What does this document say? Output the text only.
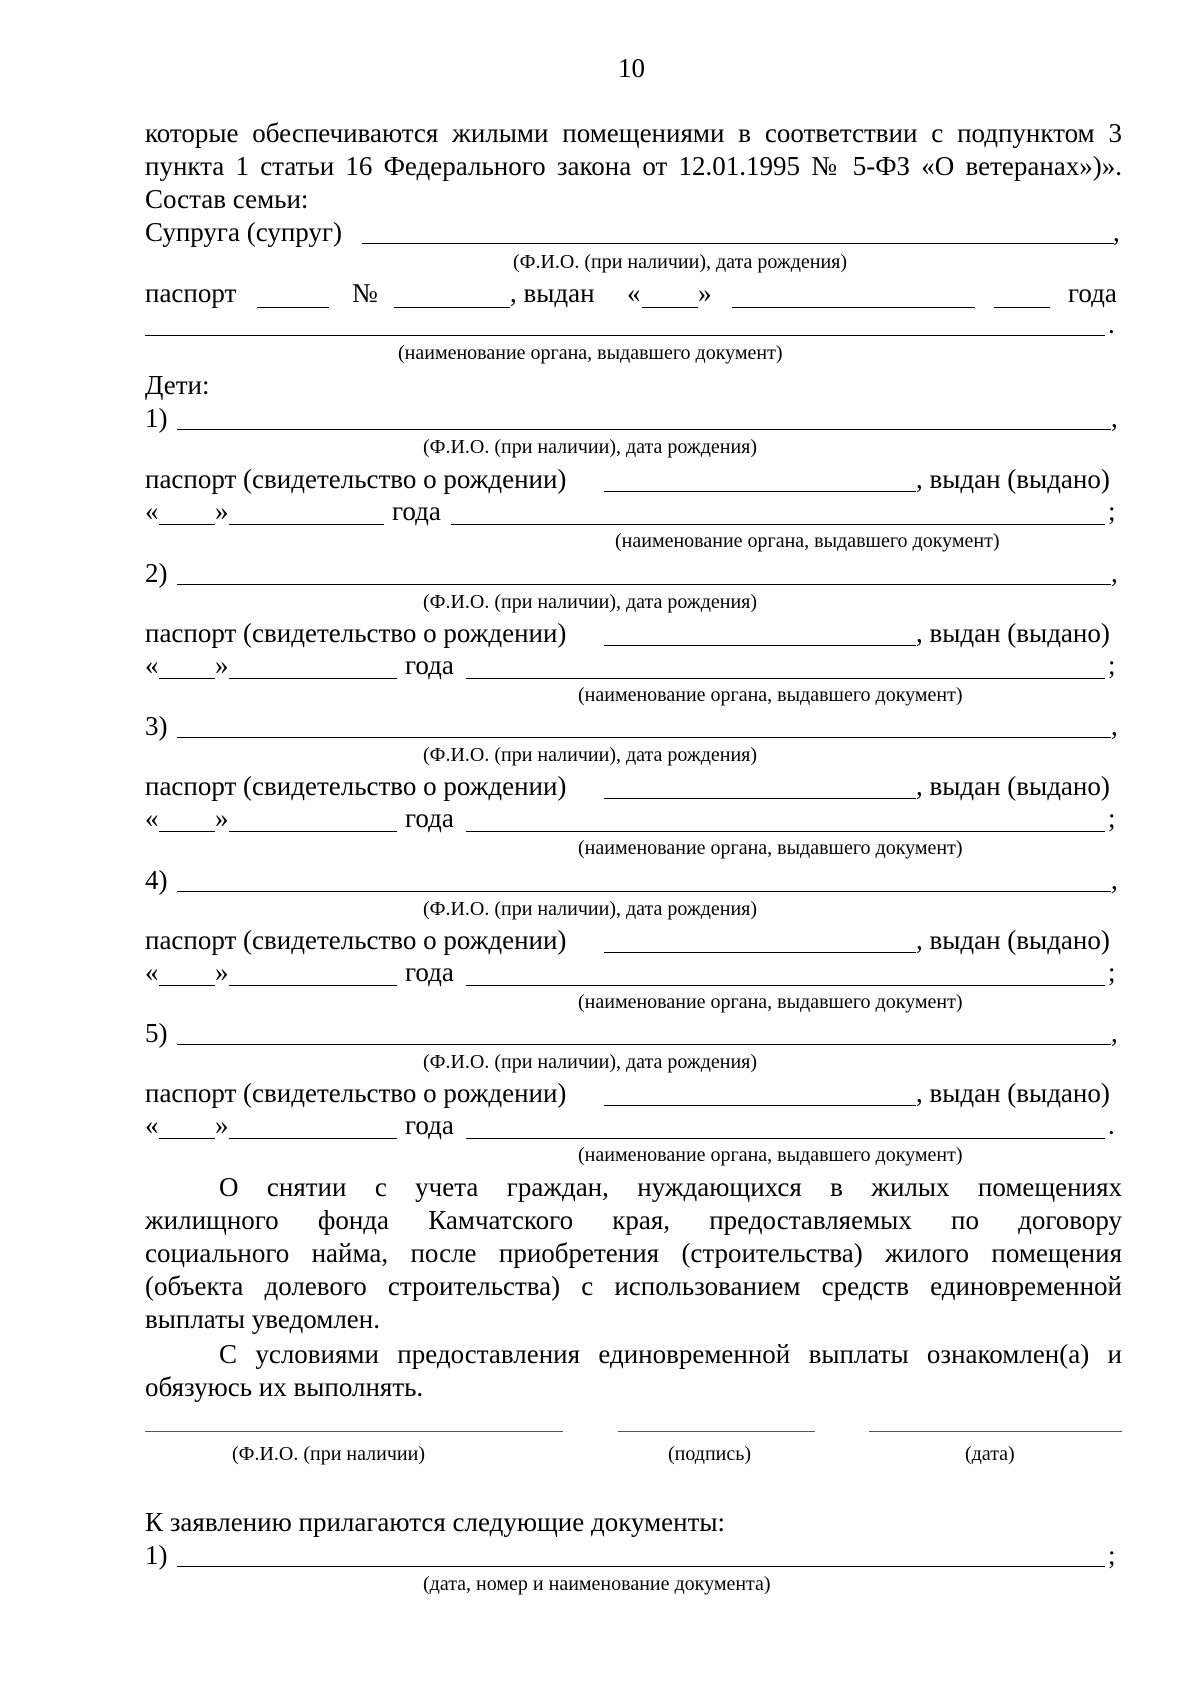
10
которые обеспечиваются жилыми помещениями в соответствии с подпунктом 3
пункта 1 статьи 16 Федерального закона от 12.01.1995 № 5-ФЗ «О ветеранах»)».
Состав семьи:
Супруга (супруг)	,
(Ф.И.О. (при наличии), дата рождения)
паспорт	№	, выдан « »	года
.
(наименование органа, выдавшего документ)
Дети:
1)	,
(Ф.И.О. (при наличии), дата рождения)
паспорт (свидетельство о рождении)	, выдан (выдано)
« »	года	;
(наименование органа, выдавшего документ)
2)	,
(Ф.И.О. (при наличии), дата рождения)
паспорт (свидетельство о рождении)	, выдан (выдано)
« »	года	;
(наименование органа, выдавшего документ)
3)	,
(Ф.И.О. (при наличии), дата рождения)
паспорт (свидетельство о рождении)	, выдан (выдано)
« »	года	;
(наименование органа, выдавшего документ)
4)	,
(Ф.И.О. (при наличии), дата рождения)
паспорт (свидетельство о рождении)	, выдан (выдано)
« »	года	;
(наименование органа, выдавшего документ)
5)	,
(Ф.И.О. (при наличии), дата рождения)
паспорт (свидетельство о рождении)	, выдан (выдано)
« »	года	.
(наименование органа, выдавшего документ)
О снятии с учета граждан, нуждающихся в жилых помещениях
жилищного фонда Камчатского края, предоставляемых по договору
социального найма, после приобретения (строительства) жилого помещения
(объекта долевого строительства) с использованием средств единовременной
выплаты уведомлен.
С условиями предоставления единовременной выплаты ознакомлен(а) и
обязуюсь их выполнять.
(Ф.И.О. (при наличии)	(подпись)	(дата)
К заявлению прилагаются следующие документы:
1)	;
(дата, номер и наименование документа)
